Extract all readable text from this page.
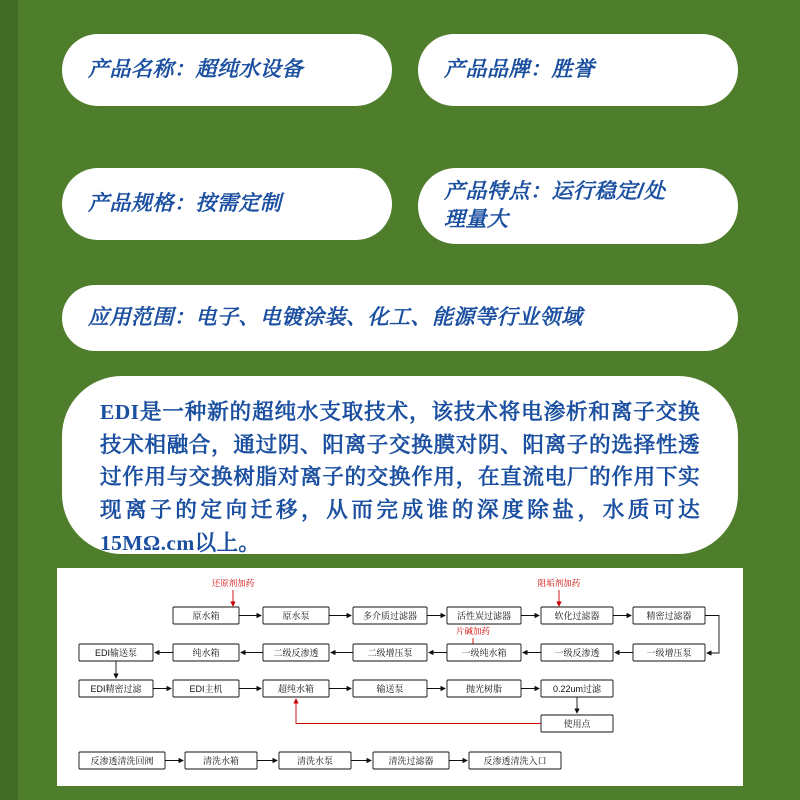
产品名称：超纯水设备	产品品牌：胜誉
产品规格：按需定制
产品特点：运行稳定/处
理量大
应用范围：电子、电镀涂装、化工、能源等行业领域
EDI是一种新的超纯水支取技术，该技术将电渗析和离子交换技术相融合，通过阴、阳离子交换膜对阴、阳离子的选择性透过作用与交换树脂对离子的交换作用，在直流电厂的作用下实现离子的定向迁移，从而完成谁的深度除盐，水质可达15MΩ.cm以上。
还原剂加药	阻垢剂加药
片碱加药
原水箱	原水泵	多介质过滤器	活性炭过滤器	软化过滤器	精密过滤器
一级增压泵
一级反渗透
一级纯水箱
二级增压泵
二级反渗透
纯水箱
EDI输送泵
EDI精密过滤	EDI主机	超纯水箱	输送泵	抛光树脂	0.22um过滤
使用点
反渗透清洗回阀	清洗水箱	清洗水泵	清洗过滤器	反渗透清洗入口
